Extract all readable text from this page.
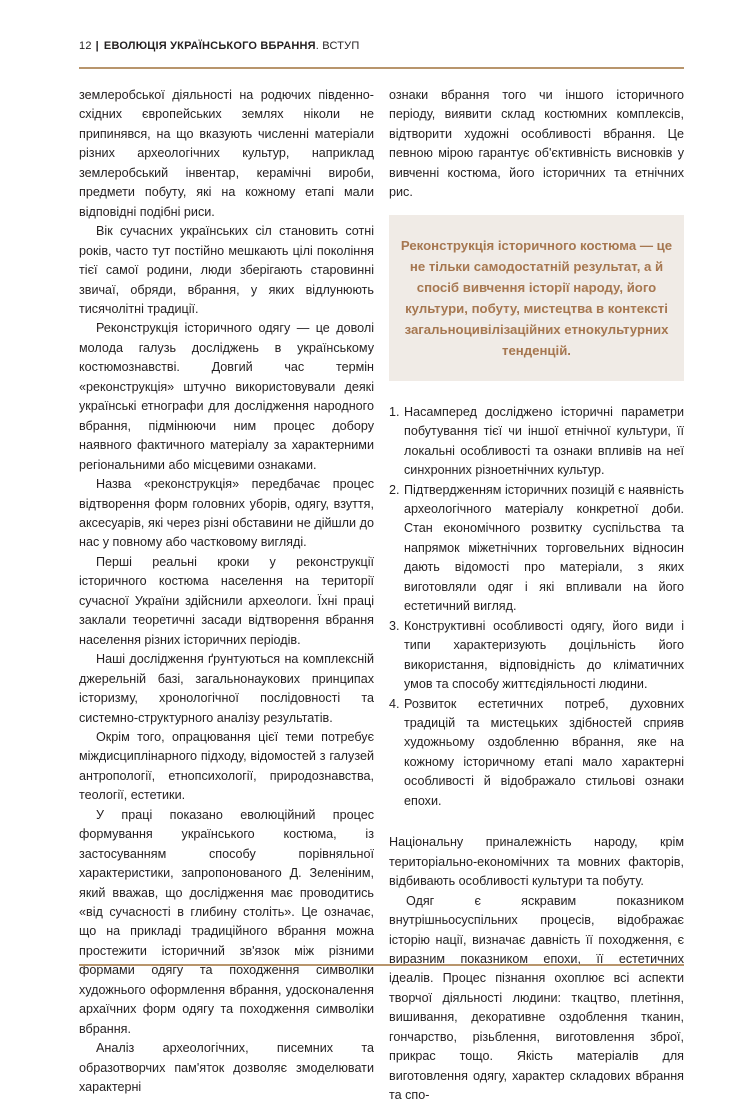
12 | ЕВОЛЮЦІЯ УКРАЇНСЬКОГО ВБРАННЯ. ВСТУП

землеробської діяльності на родючих південно-східних європейських землях ніколи не припинявся, на що вказують численні матеріали різних археологічних культур, наприклад землеробський інвентар, керамічні вироби, предмети побуту, які на кожному етапі мали відповідні подібні риси.

Вік сучасних українських сіл становить сотні років, часто тут постійно мешкають цілі покоління тієї самої родини, люди зберігають старовинні звичаї, обряди, вбрання, у яких відлунюють тисячолітні традиції.

Реконструкція історичного одягу — це доволі молода галузь досліджень в українському костюмознавстві. Довгий час термін «реконструкція» штучно використовували деякі українські етнографи для дослідження народного вбрання, підмінюючи ним процес добору наявного фактичного матеріалу за характерними регіональними або місцевими ознаками.

Назва «реконструкція» передбачає процес відтворення форм головних уборів, одягу, взуття, аксесуарів, які через різні обставини не дійшли до нас у повному або частковому вигляді.

Перші реальні кроки у реконструкції історичного костюма населення на території сучасної України здійснили археологи. Їхні праці заклали теоретичні засади відтворення вбрання населення різних історичних періодів.

Наші дослідження ґрунтуються на комплексній джерельній базі, загальнонаукових принципах історизму, хронологічної послідовності та системно-структурного аналізу результатів.

Окрім того, опрацювання цієї теми потребує міждисциплінарного підходу, відомостей з галузей антропології, етнопсихології, природознавства, теології, естетики.

У праці показано еволюційний процес формування українського костюма, із застосуванням способу порівняльної характеристики, запропонованого Д. Зеленіним, який вважав, що дослідження має проводитись «від сучасності в глибину століть». Це означає, що на прикладі традиційного вбрання можна простежити історичний зв'язок між різними формами одягу та походження символіки художнього оформлення вбрання, удосконалення архаїчних форм одягу та походження символіки вбрання.

Аналіз археологічних, писемних та образотворчих пам'яток дозволяє змоделювати характерні

ознаки вбрання того чи іншого історичного періоду, виявити склад костюмних комплексів, відтворити художні особливості вбрання. Це певною мірою гарантує об'єктивність висновків у вивченні костюма, його історичних та етнічних рис.

Реконструкція історичного костюма — це не тільки самодостатній результат, а й спосіб вивчення історії народу, його культури, побуту, мистецтва в контексті загальноцивілізаційних етнокультурних тенденцій.
1. Насамперед досліджено історичні параметри побутування тієї чи іншої етнічної культури, її локальні особливості та ознаки впливів на неї синхронних різноетнічних культур.
2. Підтвердженням історичних позицій є наявність археологічного матеріалу конкретної доби. Стан економічного розвитку суспільства та напрямок міжетнічних торговельних відносин дають відомості про матеріали, з яких виготовляли одяг і які впливали на його естетичний вигляд.
3. Конструктивні особливості одягу, його види і типи характеризують доцільність його використання, відповідність до кліматичних умов та способу життєдіяльності людини.
4. Розвиток естетичних потреб, духовних традицій та мистецьких здібностей сприяв художньому оздобленню вбрання, яке на кожному історичному етапі мало характерні особливості й відображало стильові ознаки епохи.

Національну приналежність народу, крім територіально-економічних та мовних факторів, відбивають особливості культури та побуту.

Одяг є яскравим показником внутрішньосуспільних процесів, відображає історію нації, визначає давність її походження, є виразним показником епохи, її естетичних ідеалів. Процес пізнання охоплює всі аспекти творчої діяльності людини: ткацтво, плетіння, вишивання, декоративне оздоблення тканин, гончарство, різьблення, виготовлення зброї, прикрас тощо. Якість матеріалів для виготовлення одягу, характер складових вбрання та спо-
